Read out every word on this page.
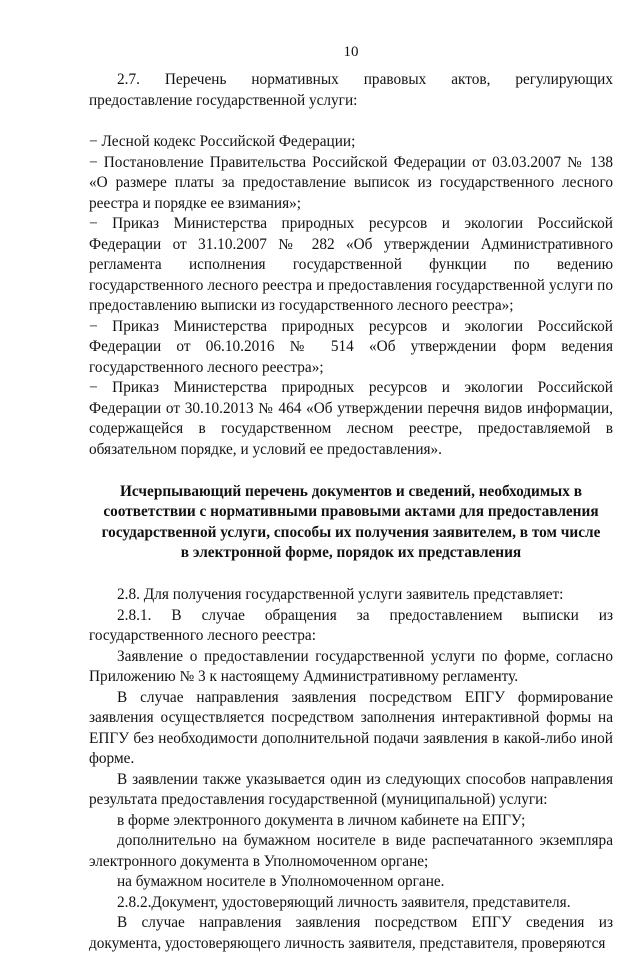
10

2.7. Перечень нормативных правовых актов, регулирующих предоставление государственной услуги:

− Лесной кодекс Российской Федерации;

− Постановление Правительства Российской Федерации от 03.03.2007 № 138 «О размере платы за предоставление выписок из государственного лесного реестра и порядке ее взимания»;

− Приказ Министерства природных ресурсов и экологии Российской Федерации от 31.10.2007 № 282 «Об утверждении Административного регламента исполнения государственной функции по ведению государственного лесного реестра и предоставления государственной услуги по предоставлению выписки из государственного лесного реестра»;

− Приказ Министерства природных ресурсов и экологии Российской Федерации от 06.10.2016 № 514 «Об утверждении форм ведения государственного лесного реестра»;

− Приказ Министерства природных ресурсов и экологии Российской Федерации от 30.10.2013 № 464 «Об утверждении перечня видов информации, содержащейся в государственном лесном реестре, предоставляемой в обязательном порядке, и условий ее предоставления».

Исчерпывающий перечень документов и сведений, необходимых в соответствии с нормативными правовыми актами для предоставления государственной услуги, способы их получения заявителем, в том числе в электронной форме, порядок их представления

2.8. Для получения государственной услуги заявитель представляет:

2.8.1. В случае обращения за предоставлением выписки из государственного лесного реестра:

Заявление о предоставлении государственной услуги по форме, согласно Приложению № 3 к настоящему Административному регламенту.

В случае направления заявления посредством ЕПГУ формирование заявления осуществляется посредством заполнения интерактивной формы на ЕПГУ без необходимости дополнительной подачи заявления в какой-либо иной форме.

В заявлении также указывается один из следующих способов направления результата предоставления государственной (муниципальной) услуги:

в форме электронного документа в личном кабинете на ЕПГУ;

дополнительно на бумажном носителе в виде распечатанного экземпляра электронного документа в Уполномоченном органе;

на бумажном носителе в Уполномоченном органе.

2.8.2.Документ, удостоверяющий личность заявителя, представителя.

В случае направления заявления посредством ЕПГУ сведения из документа, удостоверяющего личность заявителя, представителя, проверяются
